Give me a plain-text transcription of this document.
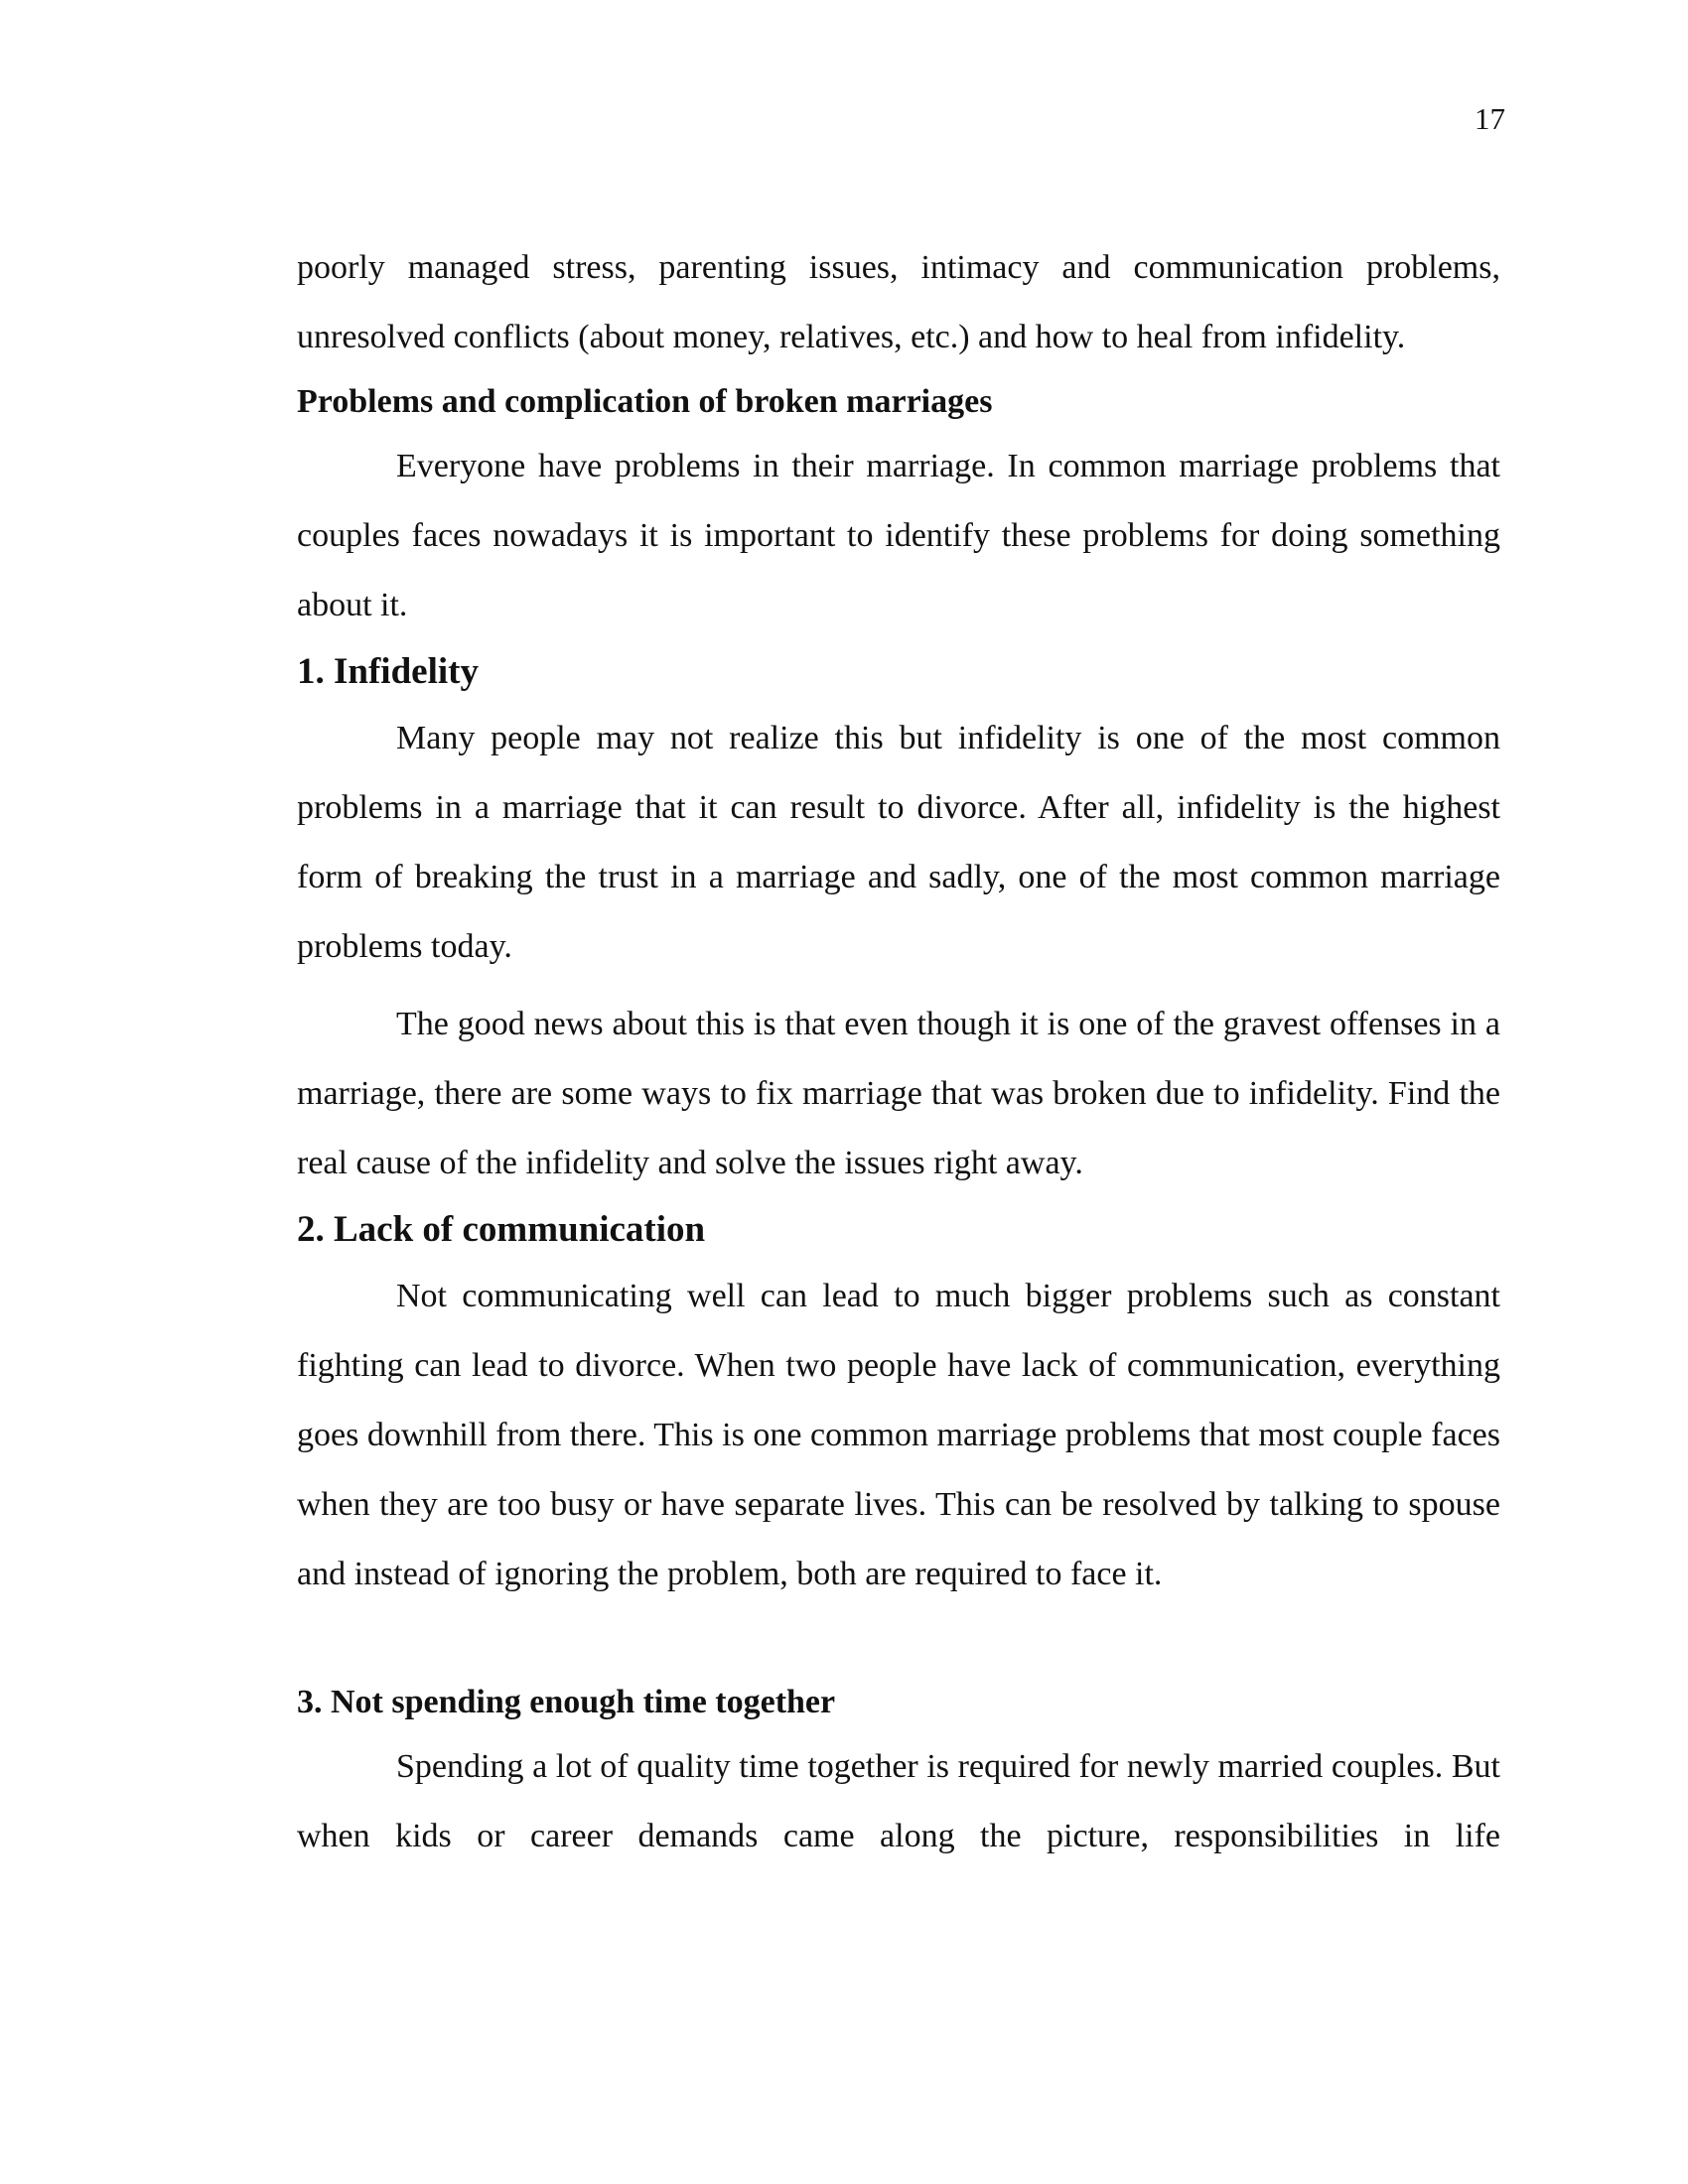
17

poorly managed stress, parenting issues, intimacy and communication problems, unresolved conflicts (about money, relatives, etc.) and how to heal from infidelity.

Problems and complication of broken marriages

Everyone have problems in their marriage. In common marriage problems that couples faces nowadays it is important to identify these problems for doing something about it.

1. Infidelity

Many people may not realize this but infidelity is one of the most common problems in a marriage that it can result to divorce. After all, infidelity is the highest form of breaking the trust in a marriage and sadly, one of the most common marriage problems today.

The good news about this is that even though it is one of the gravest offenses in a marriage, there are some ways to fix marriage that was broken due to infidelity. Find the real cause of the infidelity and solve the issues right away.

2. Lack of communication

Not communicating well can lead to much bigger problems such as constant fighting can lead to divorce. When two people have lack of communication, everything goes downhill from there. This is one common marriage problems that most couple faces when they are too busy or have separate lives. This can be resolved by talking to spouse and instead of ignoring the problem, both are required to face it.

3. Not spending enough time together

Spending a lot of quality time together is required for newly married couples. But when kids or career demands came along the picture, responsibilities in life
